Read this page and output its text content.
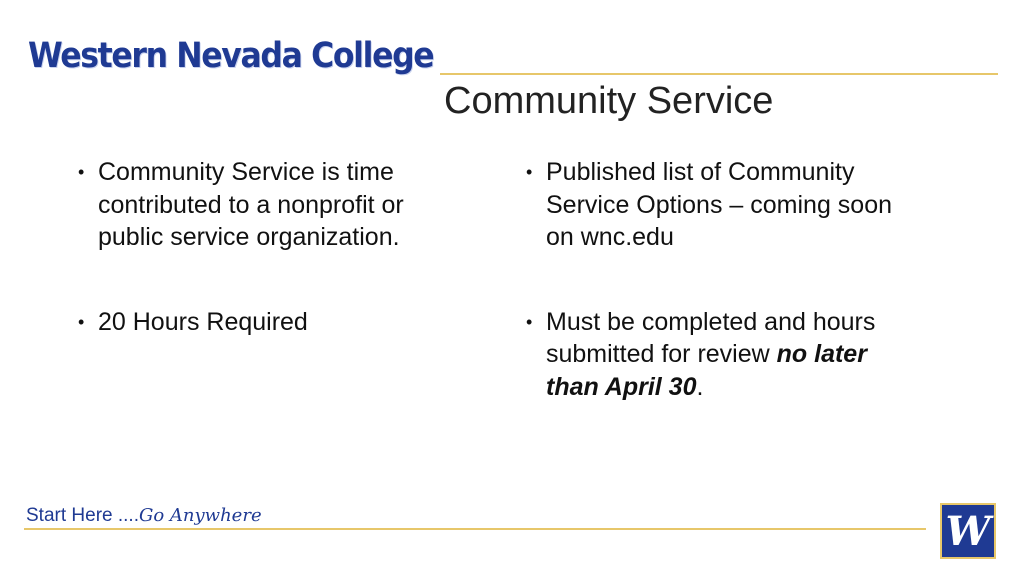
Western Nevada College
Community Service
• Community Service is time contributed to a nonprofit or public service organization.
• 20 Hours Required
• Published list of Community Service Options – coming soon on wnc.edu
• Must be completed and hours submitted for review no later than April 30.
Start Here ....Go Anywhere	W
